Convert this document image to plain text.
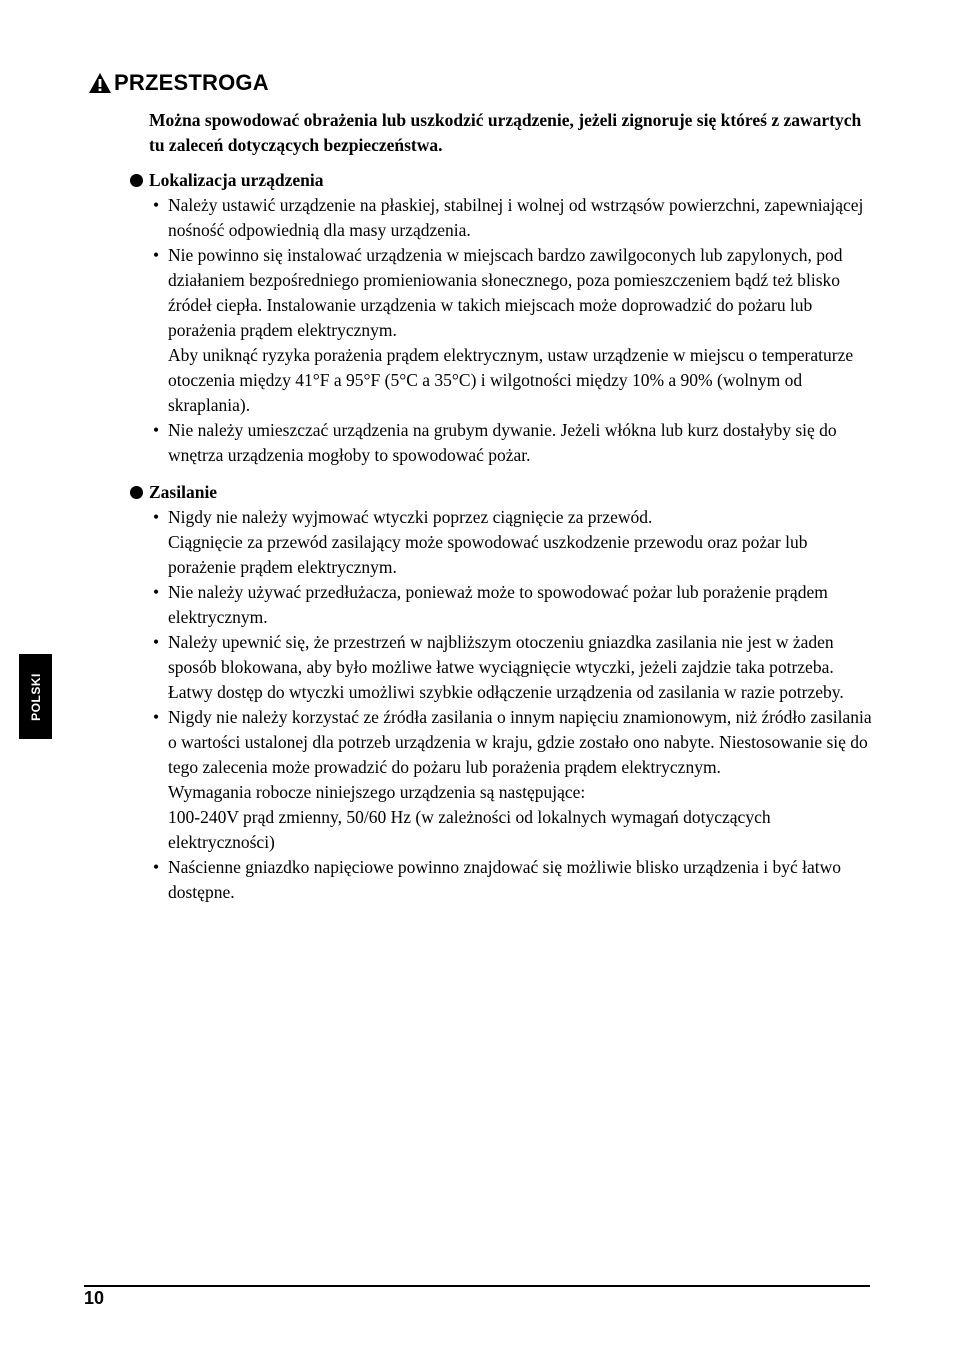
PRZESTROGA

Można spowodować obrażenia lub uszkodzić urządzenie, jeżeli zignoruje się któreś z zawartych tu zaleceń dotyczących bezpieczeństwa.

Lokalizacja urządzenia
• Należy ustawić urządzenie na płaskiej, stabilnej i wolnej od wstrząsów powierzchni, zapewniającej nośność odpowiednią dla masy urządzenia.

• Nie powinno się instalować urządzenia w miejscach bardzo zawilgoconych lub zapylonych, pod działaniem bezpośredniego promieniowania słonecznego, poza pomieszczeniem bądź też blisko źródeł ciepła. Instalowanie urządzenia w takich miejscach może doprowadzić do pożaru lub porażenia prądem elektrycznym.

Aby uniknąć ryzyka porażenia prądem elektrycznym, ustaw urządzenie w miejscu o temperaturze otoczenia między 41°F a 95°F (5°C a 35°C) i wilgotności między 10% a 90% (wolnym od skraplania).

• Nie należy umieszczać urządzenia na grubym dywanie. Jeżeli włókna lub kurz dostałyby się do wnętrza urządzenia mogłoby to spowodować pożar.

Zasilanie
• Nigdy nie należy wyjmować wtyczki poprzez ciągnięcie za przewód.

Ciągnięcie za przewód zasilający może spowodować uszkodzenie przewodu oraz pożar lub porażenie prądem elektrycznym.

• Nie należy używać przedłużacza, ponieważ może to spowodować pożar lub porażenie prądem elektrycznym.

• Należy upewnić się, że przestrzeń w najbliższym otoczeniu gniazdka zasilania nie jest w żaden sposób blokowana, aby było możliwe łatwe wyciągnięcie wtyczki, jeżeli zajdzie taka potrzeba. Łatwy dostęp do wtyczki umożliwi szybkie odłączenie urządzenia od zasilania w razie potrzeby.

• Nigdy nie należy korzystać ze źródła zasilania o innym napięciu znamionowym, niż źródło zasilania o wartości ustalonej dla potrzeb urządzenia w kraju, gdzie zostało ono nabyte. Niestosowanie się do tego zalecenia może prowadzić do pożaru lub porażenia prądem elektrycznym.

Wymagania robocze niniejszego urządzenia są następujące:

100-240V prąd zmienny, 50/60 Hz (w zależności od lokalnych wymagań dotyczących elektryczności)

• Naścienne gniazdko napięciowe powinno znajdować się możliwie blisko urządzenia i być łatwo dostępne.

POLSKI
10
